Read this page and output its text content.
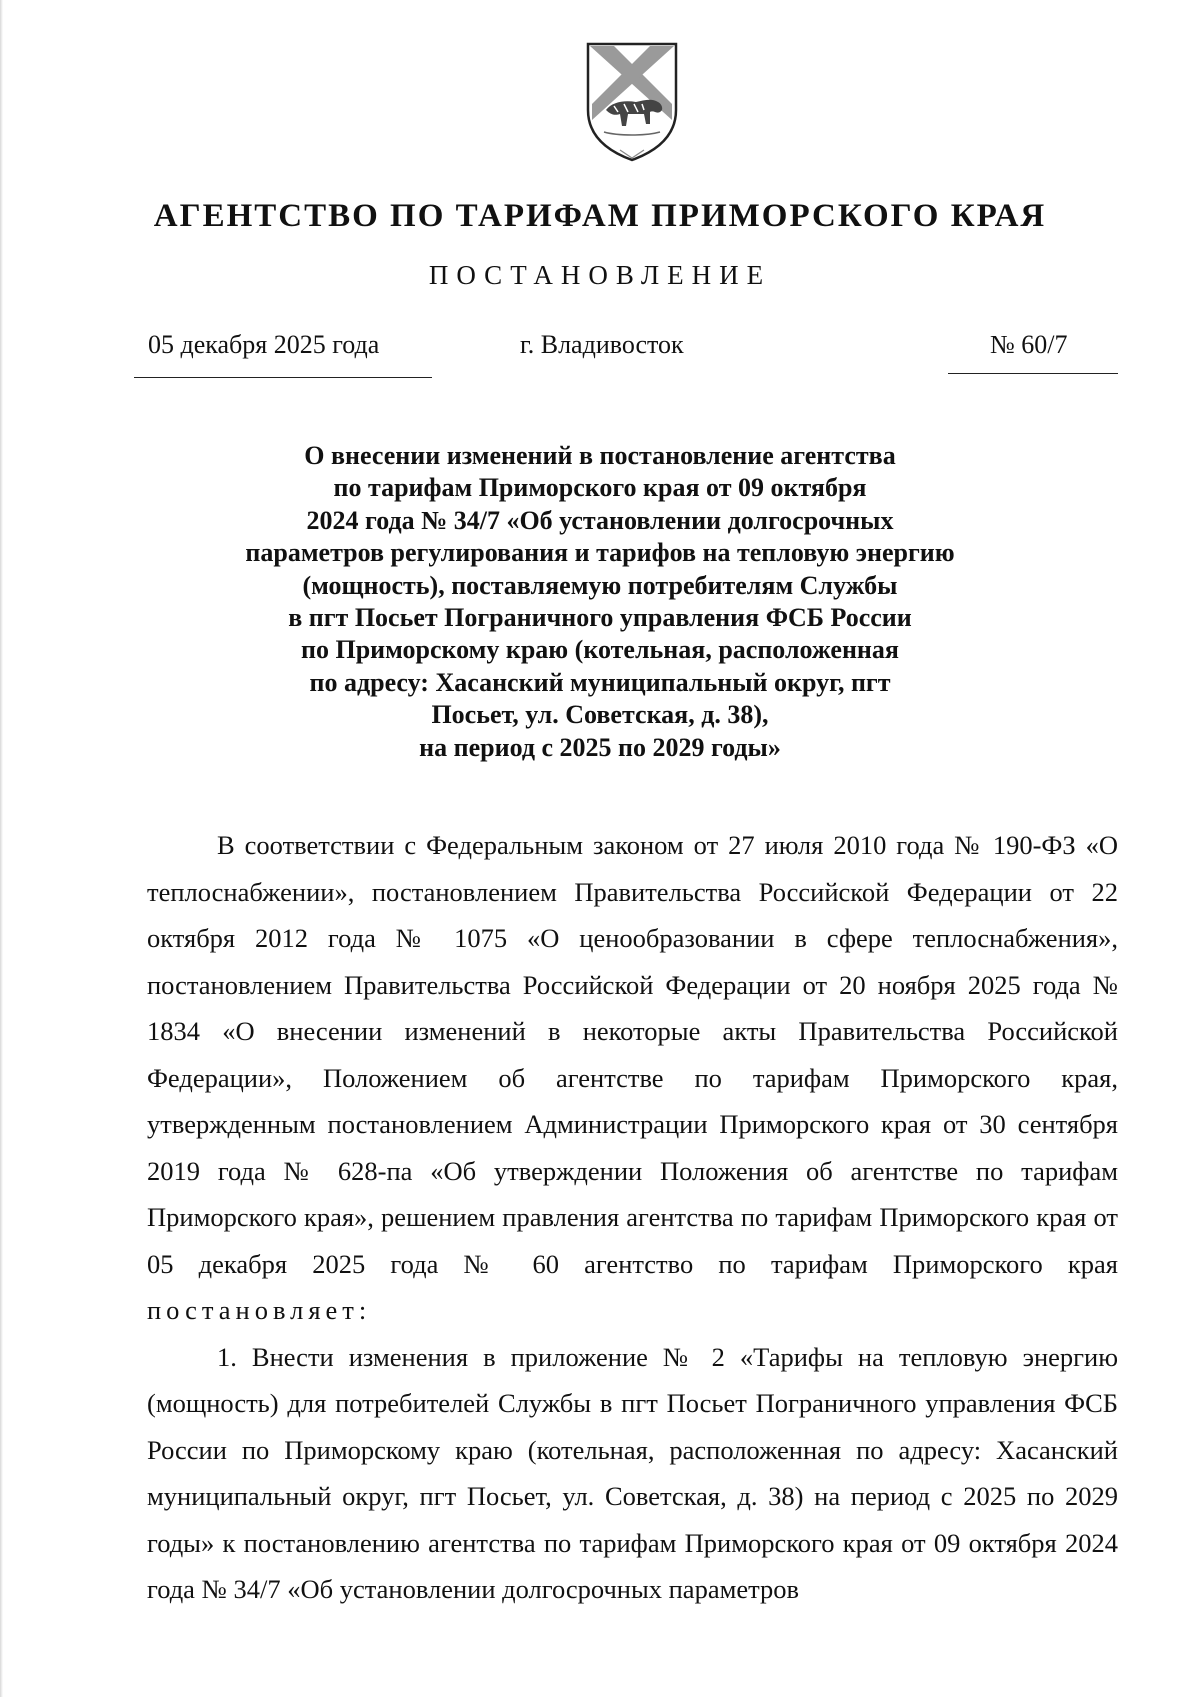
АГЕНТСТВО ПО ТАРИФАМ ПРИМОРСКОГО КРАЯ
ПОСТАНОВЛЕНИЕ
05 декабря 2025 года	г. Владивосток	№ 60/7
О внесении изменений в постановление агентства
по тарифам Приморского края от 09 октября
2024 года № 34/7 «Об установлении долгосрочных
параметров регулирования и тарифов на тепловую энергию
(мощность), поставляемую потребителям Службы
в пгт Посьет Пограничного управления ФСБ России
по Приморскому краю (котельная, расположенная
по адресу: Хасанский муниципальный округ, пгт
Посьет, ул. Советская, д. 38),
на период с 2025 по 2029 годы»

В соответствии с Федеральным законом от 27 июля 2010 года № 190-ФЗ «О теплоснабжении», постановлением Правительства Российской Федерации от 22 октября 2012 года № 1075 «О ценообразовании в сфере теплоснабжения», постановлением Правительства Российской Федерации от 20 ноября 2025 года № 1834 «О внесении изменений в некоторые акты Правительства Российской Федерации», Положением об агентстве по тарифам Приморского края, утвержденным постановлением Администрации Приморского края от 30 сентября 2019 года № 628-па «Об утверждении Положения об агентстве по тарифам Приморского края», решением правления агентства по тарифам Приморского края от 05 декабря 2025 года № 60 агентство по тарифам Приморского края постановляет:

1. Внести изменения в приложение № 2 «Тарифы на тепловую энергию (мощность) для потребителей Службы в пгт Посьет Пограничного управления ФСБ России по Приморскому краю (котельная, расположенная по адресу: Хасанский муниципальный округ, пгт Посьет, ул. Советская, д. 38) на период с 2025 по 2029 годы» к постановлению агентства по тарифам Приморского края от 09 октября 2024 года № 34/7 «Об установлении долгосрочных параметров
